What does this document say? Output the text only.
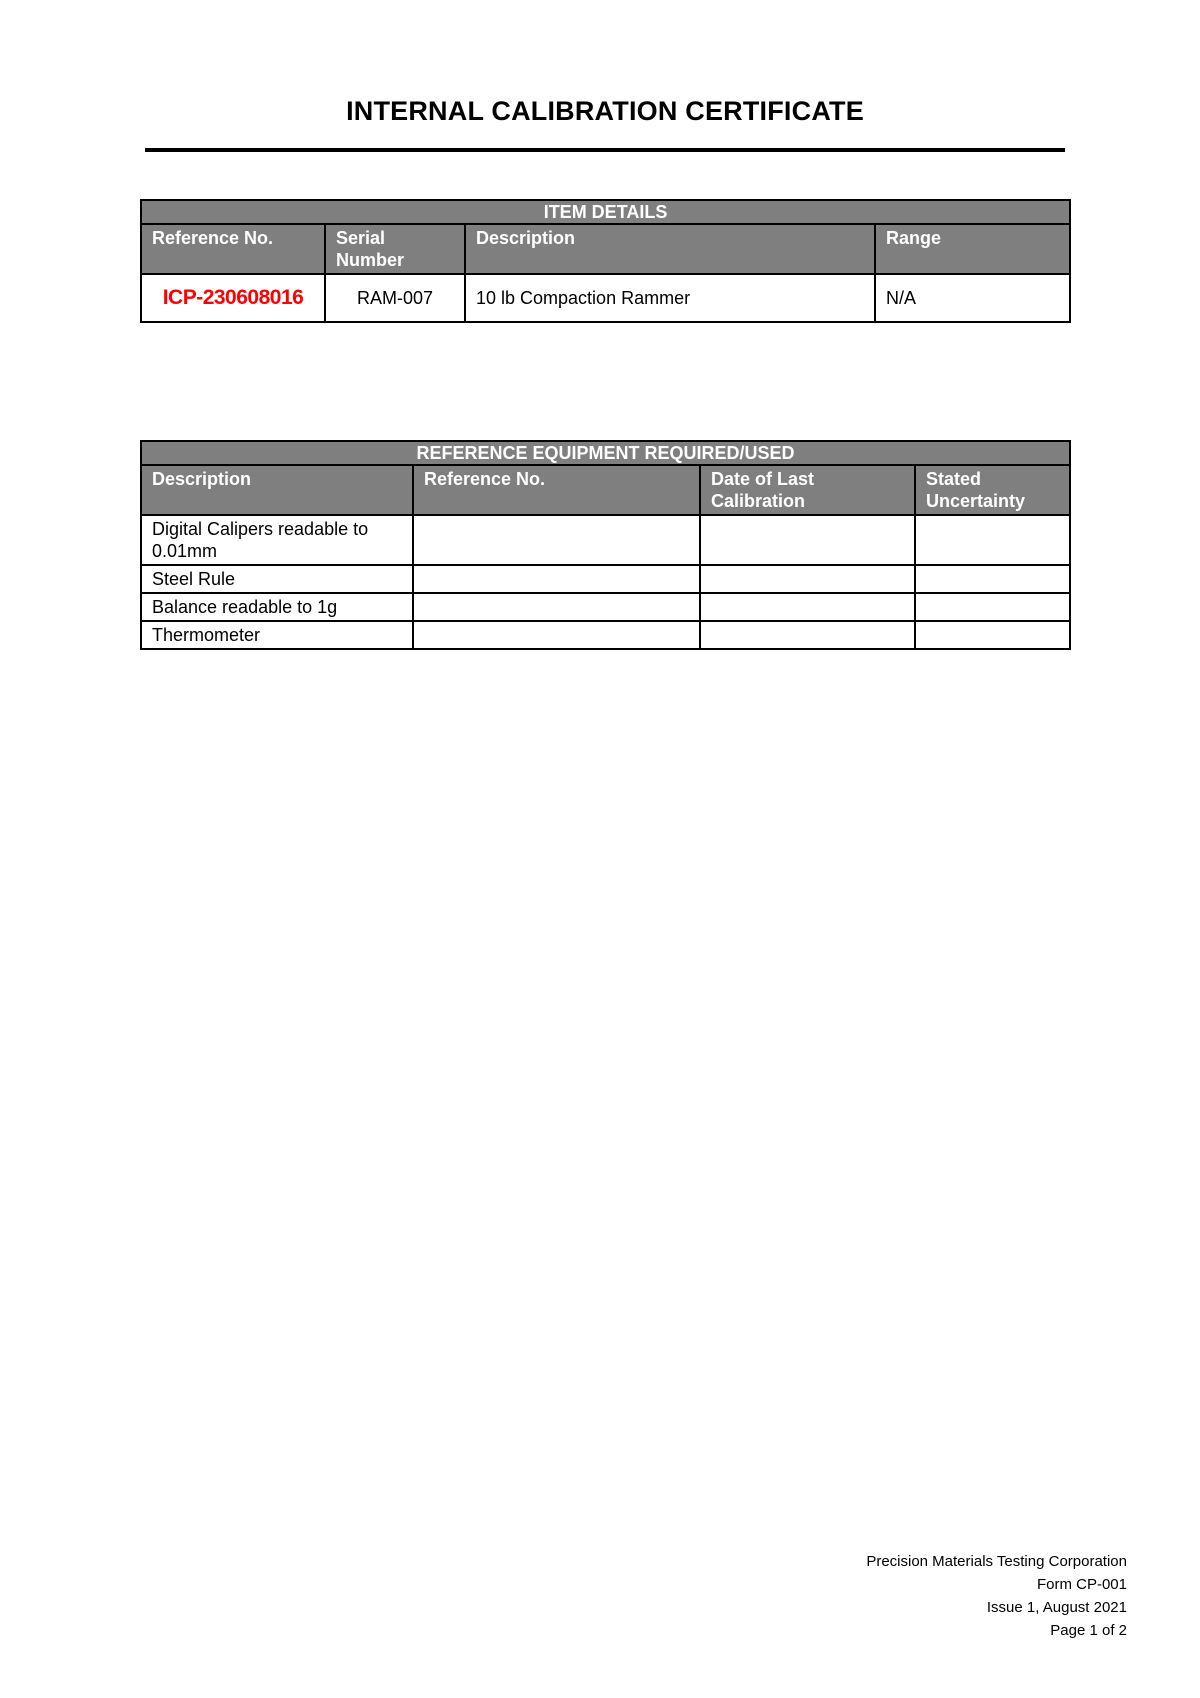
INTERNAL CALIBRATION CERTIFICATE
ITEM DETAILS			
Reference No.	Serial Number	Description	Range
ICP-230608016	RAM-007	10 lb Compaction Rammer	N/A
REFERENCE EQUIPMENT REQUIRED/USED			
Description	Reference No.	Date of Last Calibration	Stated Uncertainty
Digital Calipers readable to 0.01mm			
Steel Rule			
Balance readable to 1g			
Thermometer			
Precision Materials Testing Corporation
Form CP-001
Issue 1, August 2021
Page 1 of 2
